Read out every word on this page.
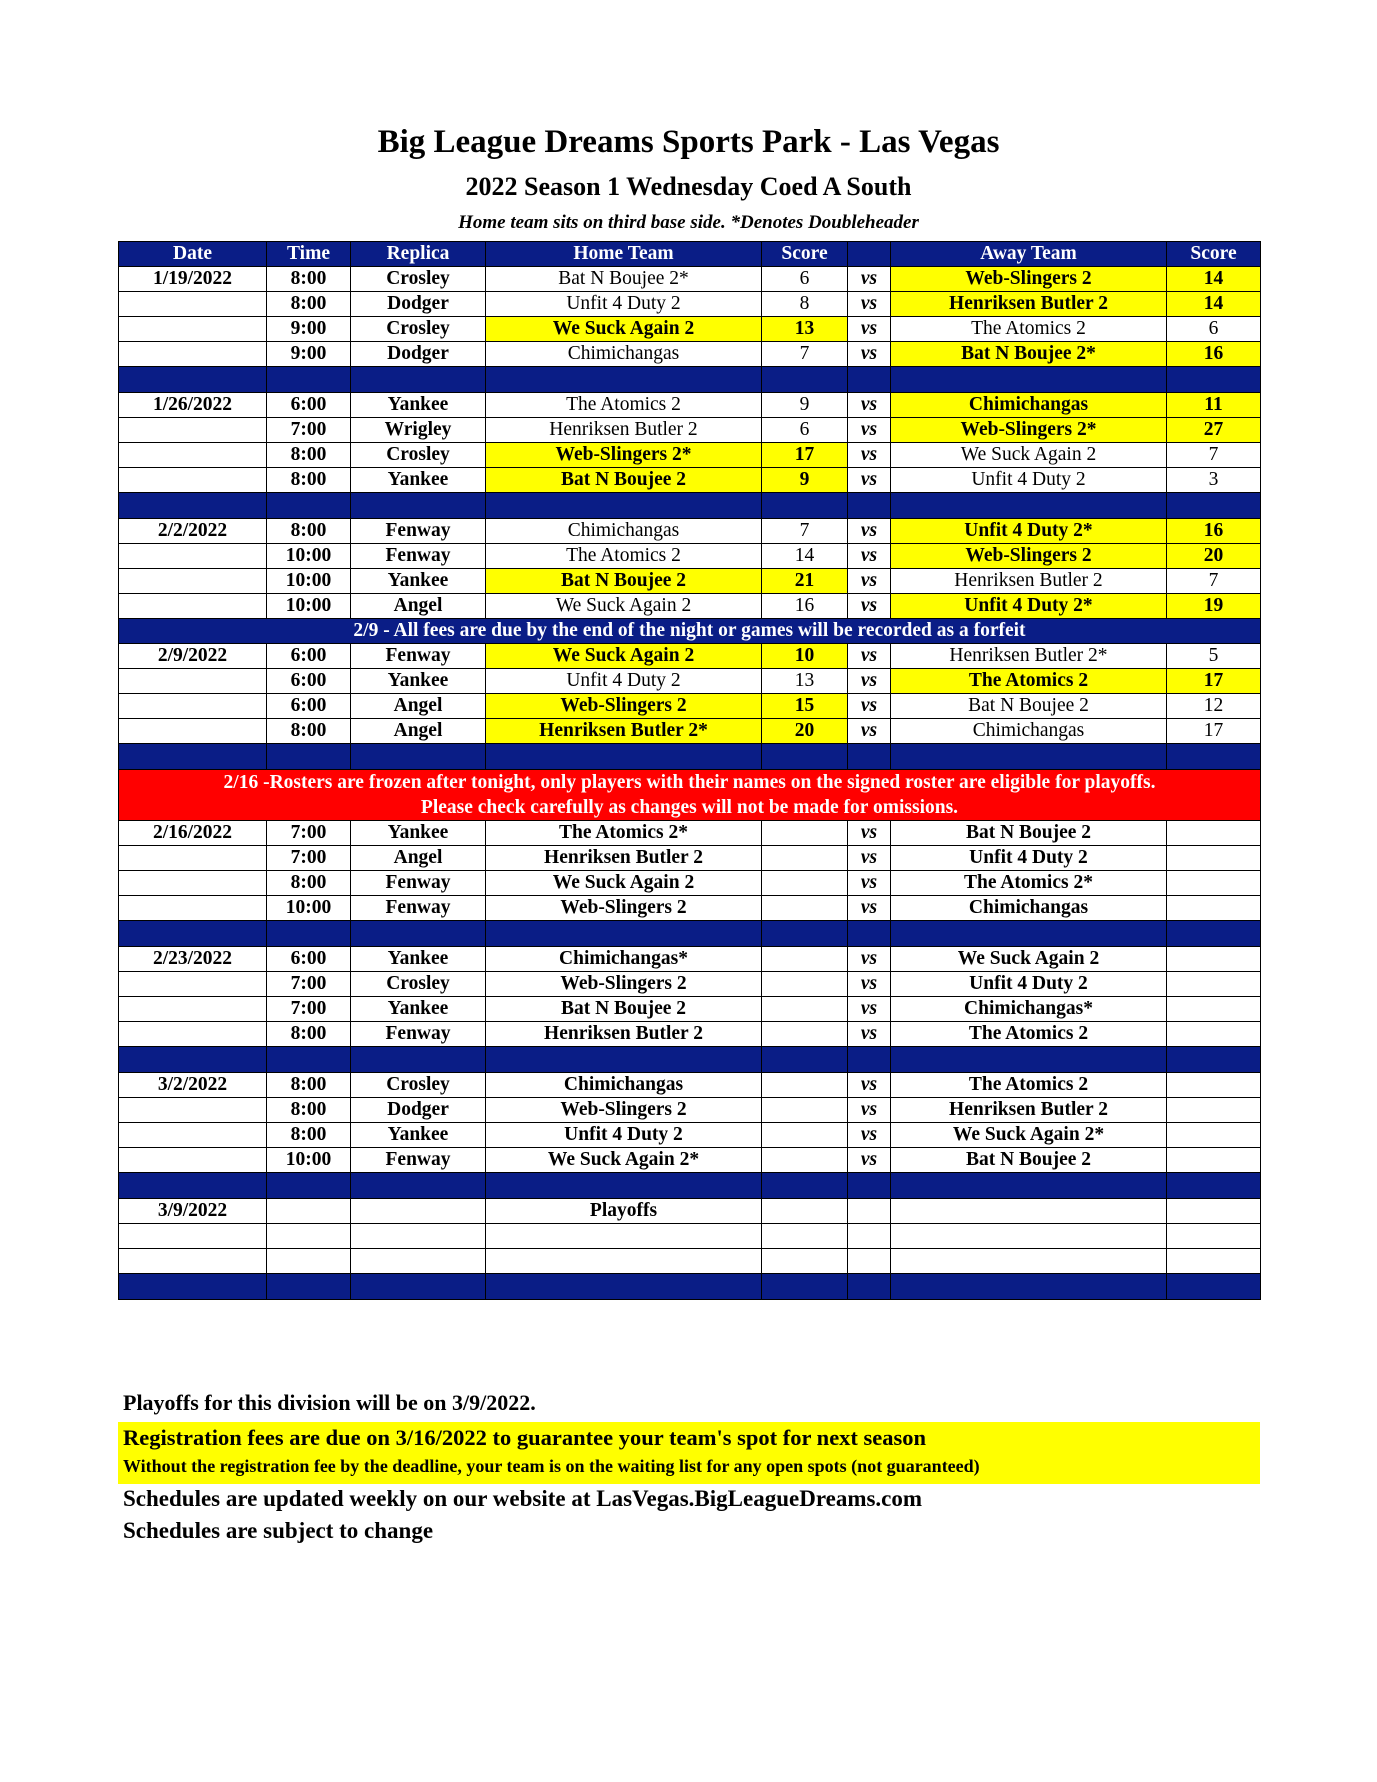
Big League Dreams Sports Park - Las Vegas
2022 Season 1 Wednesday Coed A South
Home team sits on third base side. *Denotes Doubleheader
Date	Time	Replica	Home Team	Score		Away Team	Score
1/19/2022	8:00	Crosley	Bat N Boujee 2*	6	vs	Web-Slingers 2	14
	8:00	Dodger	Unfit 4 Duty 2	8	vs	Henriksen Butler 2	14
	9:00	Crosley	We Suck Again 2	13	vs	The Atomics 2	6
	9:00	Dodger	Chimichangas	7	vs	Bat N Boujee 2*	16

1/26/2022	6:00	Yankee	The Atomics 2	9	vs	Chimichangas	11
	7:00	Wrigley	Henriksen Butler 2	6	vs	Web-Slingers 2*	27
	8:00	Crosley	Web-Slingers 2*	17	vs	We Suck Again 2	7
	8:00	Yankee	Bat N Boujee 2	9	vs	Unfit 4 Duty 2	3

2/2/2022	8:00	Fenway	Chimichangas	7	vs	Unfit 4 Duty 2*	16
	10:00	Fenway	The Atomics 2	14	vs	Web-Slingers 2	20
	10:00	Yankee	Bat N Boujee 2	21	vs	Henriksen Butler 2	7
	10:00	Angel	We Suck Again 2	16	vs	Unfit 4 Duty 2*	19
2/9 - All fees are due by the end of the night or games will be recorded as a forfeit							
2/9/2022	6:00	Fenway	We Suck Again 2	10	vs	Henriksen Butler 2*	5
	6:00	Yankee	Unfit 4 Duty 2	13	vs	The Atomics 2	17
	6:00	Angel	Web-Slingers 2	15	vs	Bat N Boujee 2	12
	8:00	Angel	Henriksen Butler 2*	20	vs	Chimichangas	17

2/16 -Rosters are frozen after tonight, only players with their names on the signed roster are eligible for playoffs.							
Please check carefully as changes will not be made for omissions.							
2/16/2022	7:00	Yankee	The Atomics 2*		vs	Bat N Boujee 2	
	7:00	Angel	Henriksen Butler 2		vs	Unfit 4 Duty 2	
	8:00	Fenway	We Suck Again 2		vs	The Atomics 2*	
	10:00	Fenway	Web-Slingers 2		vs	Chimichangas	

2/23/2022	6:00	Yankee	Chimichangas*		vs	We Suck Again 2	
	7:00	Crosley	Web-Slingers 2		vs	Unfit 4 Duty 2	
	7:00	Yankee	Bat N Boujee 2		vs	Chimichangas*	
	8:00	Fenway	Henriksen Butler 2		vs	The Atomics 2	

3/2/2022	8:00	Crosley	Chimichangas		vs	The Atomics 2	
	8:00	Dodger	Web-Slingers 2		vs	Henriksen Butler 2	
	8:00	Yankee	Unfit 4 Duty 2		vs	We Suck Again 2*	
	10:00	Fenway	We Suck Again 2*		vs	Bat N Boujee 2	

3/9/2022			Playoffs				

Playoffs for this division will be on 3/9/2022.
Registration fees are due on 3/16/2022 to guarantee your team's spot for next season
Without the registration fee by the deadline, your team is on the waiting list for any open spots (not guaranteed)
Schedules are updated weekly on our website at LasVegas.BigLeagueDreams.com
Schedules are subject to change
